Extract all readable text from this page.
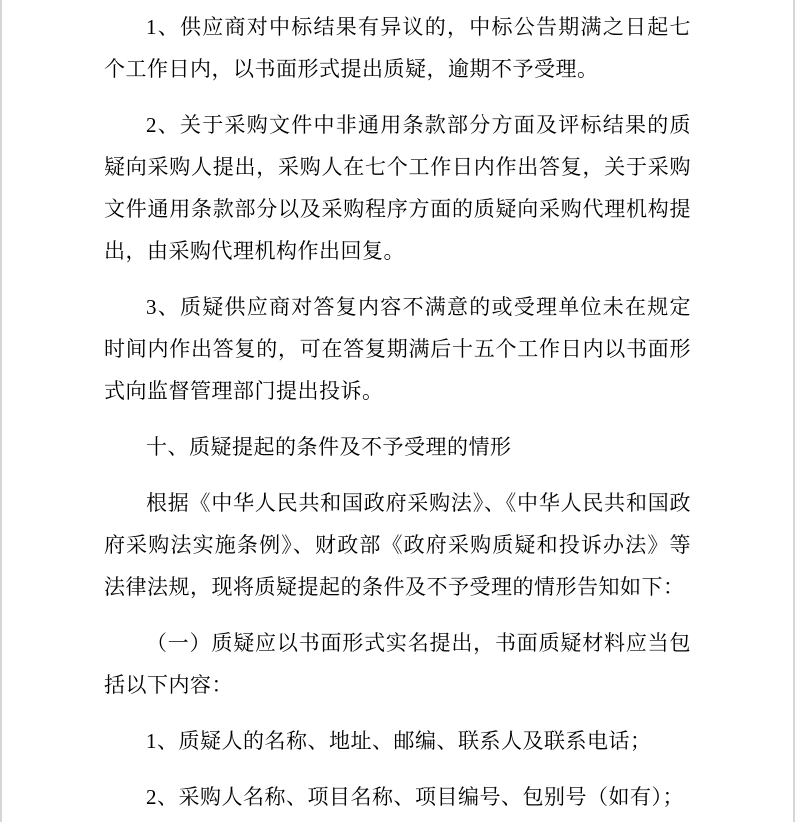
1、供应商对中标结果有异议的，中标公告期满之日起七个工作日内，以书面形式提出质疑，逾期不予受理。

2、关于采购文件中非通用条款部分方面及评标结果的质疑向采购人提出，采购人在七个工作日内作出答复，关于采购文件通用条款部分以及采购程序方面的质疑向采购代理机构提出，由采购代理机构作出回复。

3、质疑供应商对答复内容不满意的或受理单位未在规定时间内作出答复的，可在答复期满后十五个工作日内以书面形式向监督管理部门提出投诉。

十、质疑提起的条件及不予受理的情形

根据《中华人民共和国政府采购法》、《中华人民共和国政府采购法实施条例》、财政部《政府采购质疑和投诉办法》等法律法规，现将质疑提起的条件及不予受理的情形告知如下：

（一）质疑应以书面形式实名提出，书面质疑材料应当包括以下内容：

1、质疑人的名称、地址、邮编、联系人及联系电话；

2、采购人名称、项目名称、项目编号、包别号（如有）；
